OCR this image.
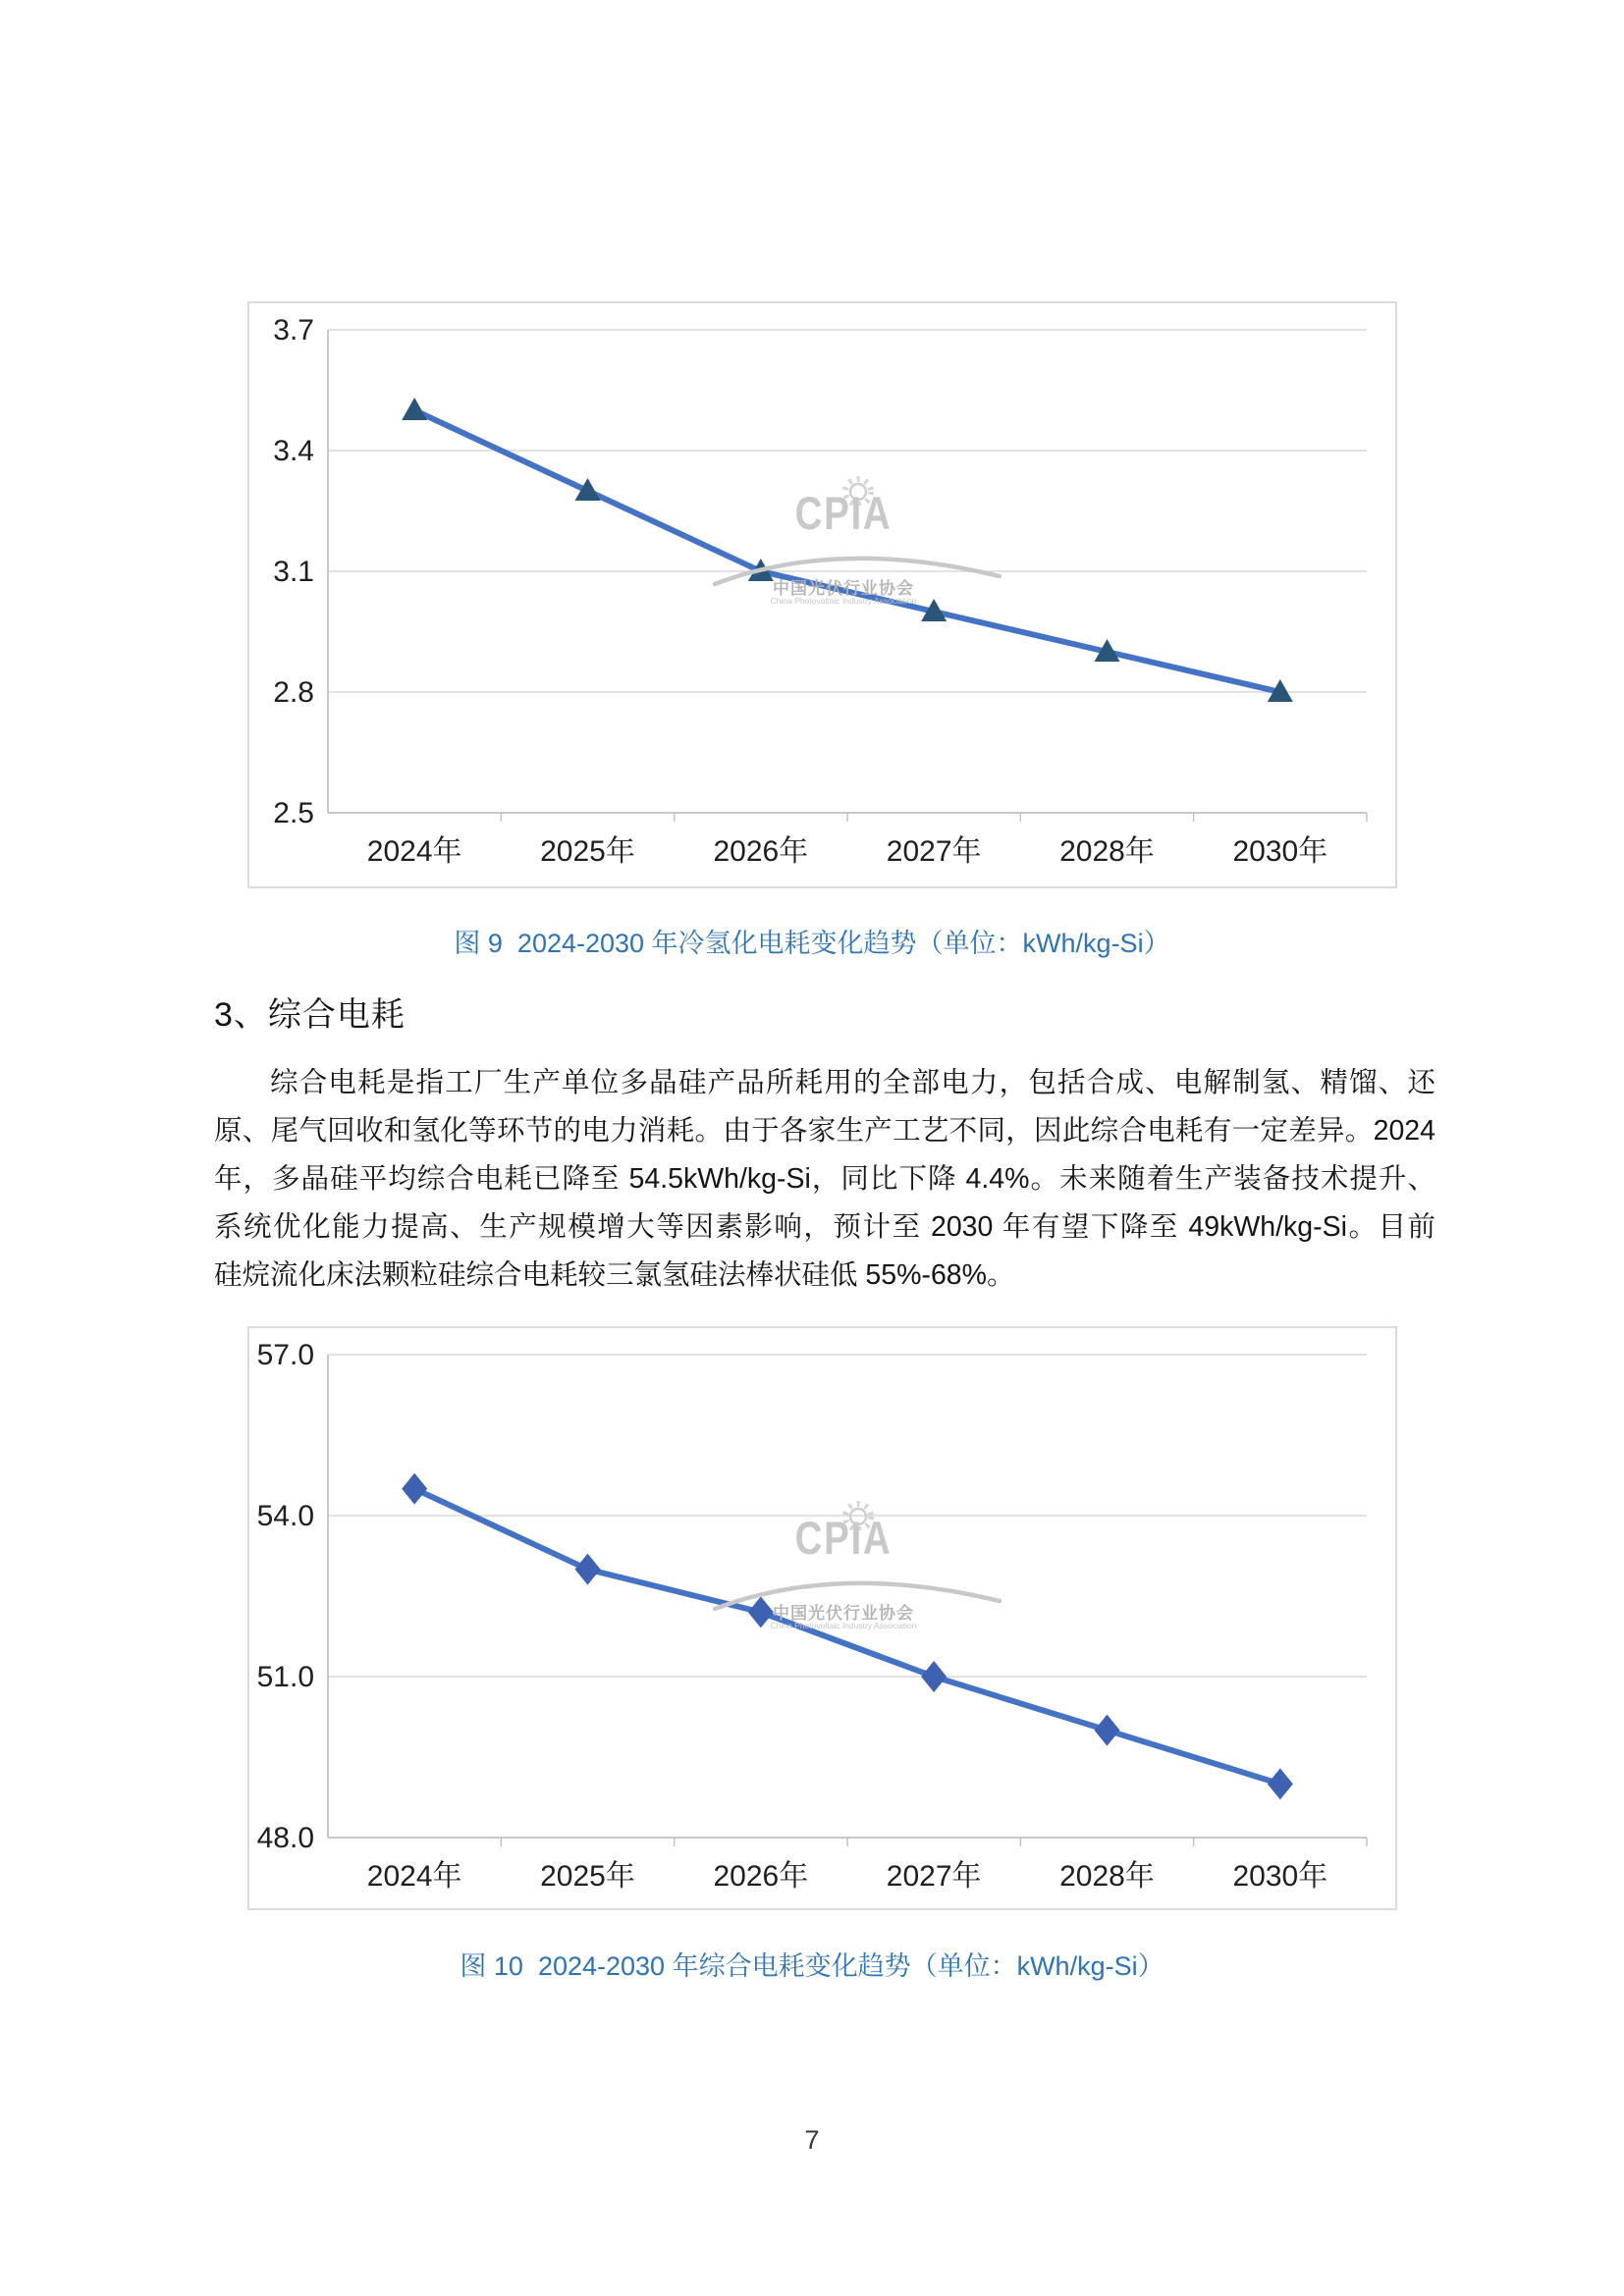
2.5
2.8
3.1
3.4
3.7
2024年	2025年	2026年	2027年	2028年	2030年
CPIA
中国光伏行业协会
China Photovoltaic Industry Association
图 9  2024-2030 年冷氢化电耗变化趋势（单位：kWh/kg-Si）
3、综合电耗
综合电耗是指工厂生产单位多晶硅产品所耗用的全部电力，包括合成、电解制氢、精馏、还
原、尾气回收和氢化等环节的电力消耗。由于各家生产工艺不同，因此综合电耗有一定差异。2024
年，多晶硅平均综合电耗已降至 54.5kWh/kg-Si，同比下降 4.4%。未来随着生产装备技术提升、
系统优化能力提高、生产规模增大等因素影响，预计至 2030 年有望下降至 49kWh/kg-Si。目前
硅烷流化床法颗粒硅综合电耗较三氯氢硅法棒状硅低 55%-68%。
48.0
51.0
54.0
57.0
2024年	2025年	2026年	2027年	2028年	2030年
CPIA
中国光伏行业协会
China Photovoltaic Industry Association
图 10  2024-2030 年综合电耗变化趋势（单位：kWh/kg-Si）
7
